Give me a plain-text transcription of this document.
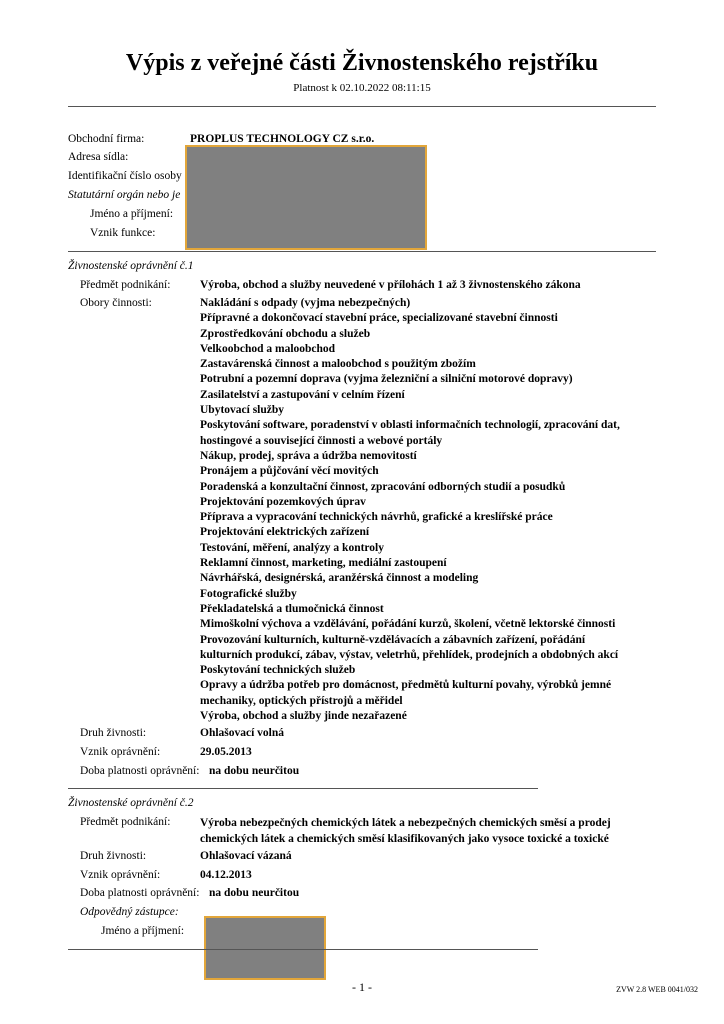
Výpis z veřejné části Živnostenského rejstříku
Platnost k 02.10.2022 08:11:15
Obchodní firma:	PROPLUS TECHNOLOGY CZ s.r.o.
Adresa sídla:
Identifikační číslo osoby
Statutární orgán nebo je
Jméno a příjmení:
Vznik funkce:
Živnostenské oprávnění č.1
Předmět podnikání:	Výroba, obchod a služby neuvedené v přílohách 1 až 3 živnostenského zákona
Obory činnosti:	Nakládání s odpady (vyjma nebezpečných)
Přípravné a dokončovací stavební práce, specializované stavební činnosti
Zprostředkování obchodu a služeb
Velkoobchod a maloobchod
Zastavárenská činnost a maloobchod s použitým zbožím
Potrubní a pozemní doprava (vyjma železniční a silniční motorové dopravy)
Zasilatelství a zastupování v celním řízení
Ubytovací služby
Poskytování software, poradenství v oblasti informačních technologií, zpracování dat,
hostingové a související činnosti a webové portály
Nákup, prodej, správa a údržba nemovitostí
Pronájem a půjčování věcí movitých
Poradenská a konzultační činnost, zpracování odborných studií a posudků
Projektování pozemkových úprav
Příprava a vypracování technických návrhů, grafické a kreslířské práce
Projektování elektrických zařízení
Testování, měření, analýzy a kontroly
Reklamní činnost, marketing, mediální zastoupení
Návrhářská, designérská, aranžérská činnost a modeling
Fotografické služby
Překladatelská a tlumočnická činnost
Mimoškolní výchova a vzdělávání, pořádání kurzů, školení, včetně lektorské činnosti
Provozování kulturních, kulturně-vzdělávacích a zábavních zařízení, pořádání
kulturních produkcí, zábav, výstav, veletrhů, přehlídek, prodejních a obdobných akcí
Poskytování technických služeb
Opravy a údržba potřeb pro domácnost, předmětů kulturní povahy, výrobků jemné
mechaniky, optických přístrojů a měřidel
Výroba, obchod a služby jinde nezařazené
Druh živnosti:	Ohlašovací volná
Vznik oprávnění:	29.05.2013
Doba platnosti oprávnění: na dobu neurčitou
Živnostenské oprávnění č.2
Předmět podnikání:	Výroba nebezpečných chemických látek a nebezpečných chemických směsí a prodej
chemických látek a chemických směsí klasifikovaných jako vysoce toxické a toxické
Druh živnosti:	Ohlašovací vázaná
Vznik oprávnění:	04.12.2013
Doba platnosti oprávnění: na dobu neurčitou
Odpovědný zástupce:
Jméno a příjmení:
- 1 -	ZVW 2.8 WEB 0041/032
